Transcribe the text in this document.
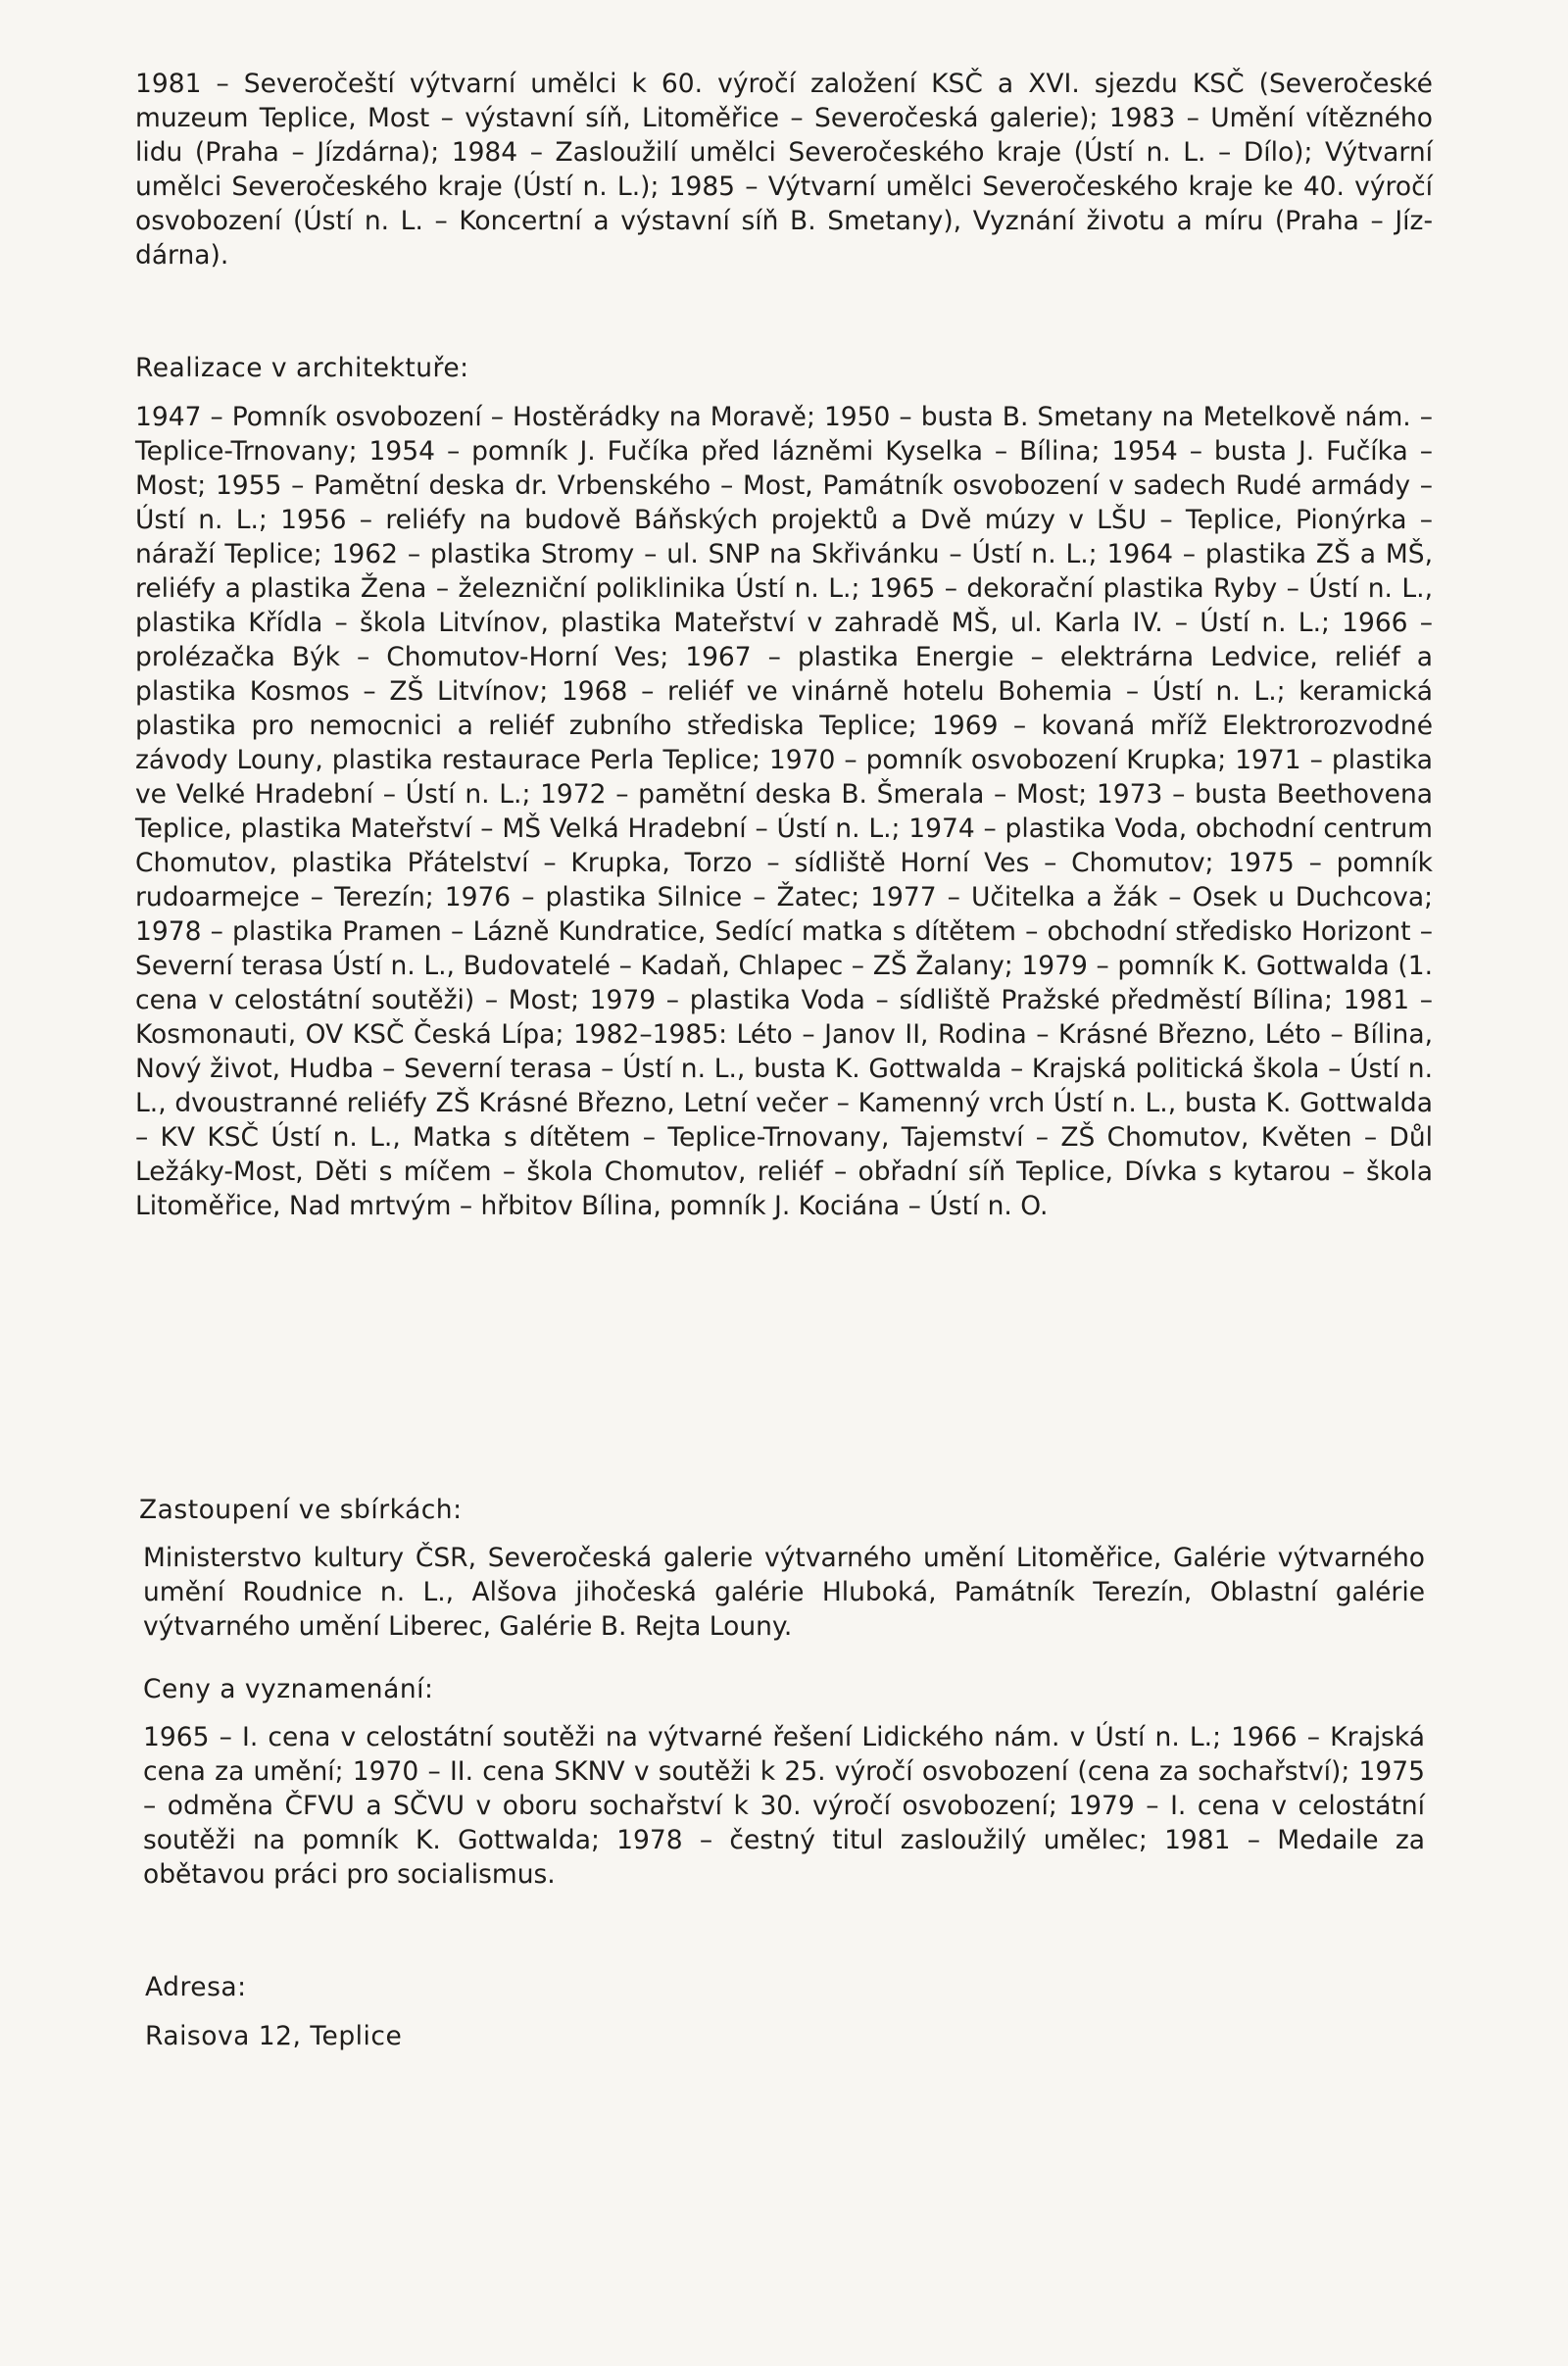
1981 – Severočeští výtvarní umělci k 60. výročí založení KSČ a XVI. sjezdu KSČ (Severočeské muzeum Teplice, Most – výstavní síň, Litoměřice – Severočeská galerie); 1983 – Umění vítězného lidu (Praha – Jízdárna); 1984 – Zasloužilí umělci Severočeského kraje (Ústí n. L. – Dílo); Výtvarní umělci Severočeského kraje (Ústí n. L.); 1985 – Výtvarní umělci Severočeského kraje ke 40. výročí osvobození (Ústí n. L. – Koncertní a výstavní síň B. Smetany), Vyznání životu a míru (Praha – Jízdárna).

Realizace v architektuře:

1947 – Pomník osvobození – Hostěrádky na Moravě; 1950 – busta B. Smetany na Metelkově nám. – Teplice-Trnovany; 1954 – pomník J. Fučíka před lázněmi Kyselka – Bílina; 1954 – busta J. Fučíka – Most; 1955 – Pamětní deska dr. Vrbenského – Most, Památník osvobození v sadech Rudé armády – Ústí n. L.; 1956 – reliéfy na budově Báňských projektů a Dvě múzy v LŠU – Teplice, Pionýrka – náraží Teplice; 1962 – plastika Stromy – ul. SNP na Skřivánku – Ústí n. L.; 1964 – plastika ZŠ a MŠ, reliéfy a plastika Žena – železniční poliklinika Ústí n. L.; 1965 – dekorační plastika Ryby – Ústí n. L., plastika Křídla – škola Litvínov, plastika Mateřství v zahradě MŠ, ul. Karla IV. – Ústí n. L.; 1966 – prolézačka Býk – Chomutov-Horní Ves; 1967 – plastika Energie – elektrárna Ledvice, reliéf a plastika Kosmos – ZŠ Litvínov; 1968 – reliéf ve vinárně hotelu Bohemia – Ústí n. L.; keramická plastika pro nemocnici a reliéf zubního střediska Teplice; 1969 – kovaná mříž Elektrorozvodné závody Louny, plastika restaurace Perla Teplice; 1970 – pomník osvobození Krupka; 1971 – plastika ve Velké Hradební – Ústí n. L.; 1972 – pamětní deska B. Šmerala – Most; 1973 – busta Beethovena Teplice, plastika Mateřství – MŠ Velká Hradební – Ústí n. L.; 1974 – plastika Voda, obchodní centrum Chomutov, plastika Přátelství – Krupka, Torzo – sídliště Horní Ves – Chomutov; 1975 – pomník rudoarmejce – Terezín; 1976 – plastika Silnice – Žatec; 1977 – Učitelka a žák – Osek u Duchcova; 1978 – plastika Pramen – Lázně Kundratice, Sedící matka s dítětem – obchodní středisko Horizont – Severní terasa Ústí n. L., Budovatelé – Kadaň, Chlapec – ZŠ Žalany; 1979 – pomník K. Gottwalda (1. cena v celostátní soutěži) – Most; 1979 – plastika Voda – sídliště Pražské předměstí Bílina; 1981 – Kosmonauti, OV KSČ Česká Lípa; 1982–1985: Léto – Janov II, Rodina – Krásné Březno, Léto – Bílina, Nový život, Hudba – Severní terasa – Ústí n. L., busta K. Gottwalda – Krajská politická škola – Ústí n. L., dvoustranné reliéfy ZŠ Krásné Březno, Letní večer – Kamenný vrch Ústí n. L., busta K. Gottwalda – KV KSČ Ústí n. L., Matka s dítětem – Teplice-Trnovany, Tajemství – ZŠ Chomutov, Květen – Důl Ležáky-Most, Děti s míčem – škola Chomutov, reliéf – obřadní síň Teplice, Dívka s kytarou – škola Litoměřice, Nad mrtvým – hřbitov Bílina, pomník J. Kociána – Ústí n. O.

Zastoupení ve sbírkách:

Ministerstvo kultury ČSR, Severočeská galerie výtvarného umění Litoměřice, Galérie výtvarného umění Roudnice n. L., Alšova jihočeská galérie Hluboká, Památník Terezín, Oblastní galérie výtvarného umění Liberec, Galérie B. Rejta Louny.

Ceny a vyznamenání:

1965 – I. cena v celostátní soutěži na výtvarné řešení Lidického nám. v Ústí n. L.; 1966 – Krajská cena za umění; 1970 – II. cena SKNV v soutěži k 25. výročí osvobození (cena za sochařství); 1975 – odměna ČFVU a SČVU v oboru sochařství k 30. výročí osvobození; 1979 – I. cena v celostátní soutěži na pomník K. Gottwalda; 1978 – čestný titul zasloužilý umělec; 1981 – Medaile za obětavou práci pro socialismus.

Adresa:

Raisova 12, Teplice
